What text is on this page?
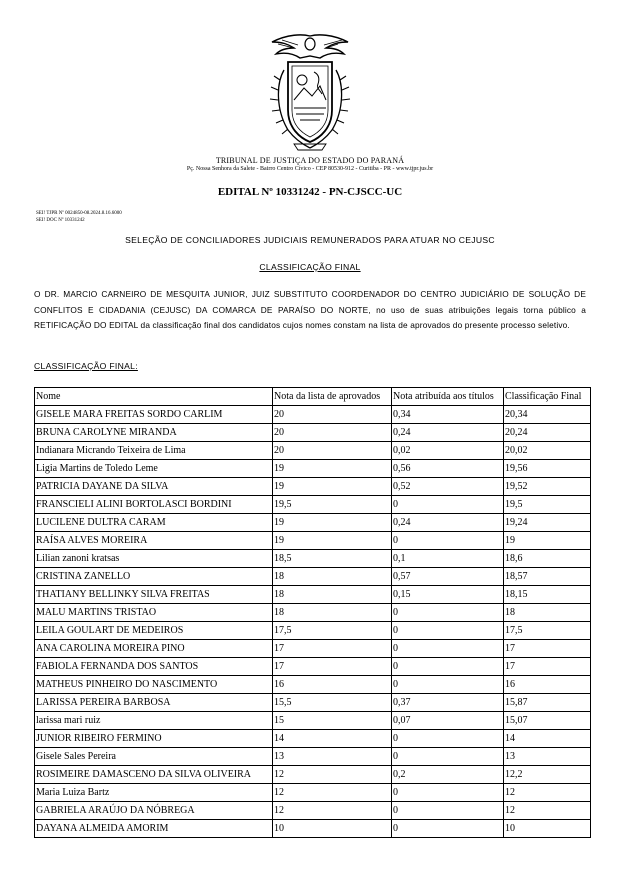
TRIBUNAL DE JUSTIÇA DO ESTADO DO PARANÁ
Pç. Nossa Senhora da Salete - Bairro Centro Cívico - CEP 80530-912 - Curitiba - PR - www.tjpr.jus.br
EDITAL Nº 10331242 - PN-CJSCC-UC
SEI! TJPR Nº 0024850-08.2024.8.16.6000
SEI! DOC Nº 10331242
SELEÇÃO DE CONCILIADORES JUDICIAIS REMUNERADOS PARA ATUAR NO CEJUSC
CLASSIFICAÇÃO FINAL

O DR. MARCIO CARNEIRO DE MESQUITA JUNIOR, JUIZ SUBSTITUTO COORDENADOR DO CENTRO JUDICIÁRIO DE SOLUÇÃO DE CONFLITOS E CIDADANIA (CEJUSC) DA COMARCA DE PARAÍSO DO NORTE, no uso de suas atribuições legais torna público a RETIFICAÇÃO DO EDITAL da classificação final dos candidatos cujos nomes constam na lista de aprovados do presente processo seletivo.

CLASSIFICAÇÃO FINAL:
Nome	Nota da lista de aprovados	Nota atribuída aos títulos	Classificação Final
GISELE MARA FREITAS SORDO CARLIM	20	0,34	20,34
BRUNA CAROLYNE MIRANDA	20	0,24	20,24
Indianara Micrando Teixeira de Lima	20	0,02	20,02
Ligia Martins de Toledo Leme	19	0,56	19,56
PATRICIA DAYANE DA SILVA	19	0,52	19,52
FRANSCIELI ALINI BORTOLASCI BORDINI	19,5	0	19,5
LUCILENE DULTRA CARAM	19	0,24	19,24
RAÍSA ALVES MOREIRA	19	0	19
Lilian zanoni kratsas	18,5	0,1	18,6
CRISTINA ZANELLO	18	0,57	18,57
THATIANY BELLINKY SILVA FREITAS	18	0,15	18,15
MALU MARTINS TRISTAO	18	0	18
LEILA GOULART DE MEDEIROS	17,5	0	17,5
ANA CAROLINA MOREIRA PINO	17	0	17
FABIOLA FERNANDA DOS SANTOS	17	0	17
MATHEUS PINHEIRO DO NASCIMENTO	16	0	16
LARISSA PEREIRA BARBOSA	15,5	0,37	15,87
larissa mari ruiz	15	0,07	15,07
JUNIOR RIBEIRO FERMINO	14	0	14
Gisele Sales Pereira	13	0	13
ROSIMEIRE DAMASCENO DA SILVA OLIVEIRA	12	0,2	12,2
Maria Luiza Bartz	12	0	12
GABRIELA ARAÚJO DA NÓBREGA	12	0	12
DAYANA ALMEIDA AMORIM	10	0	10
